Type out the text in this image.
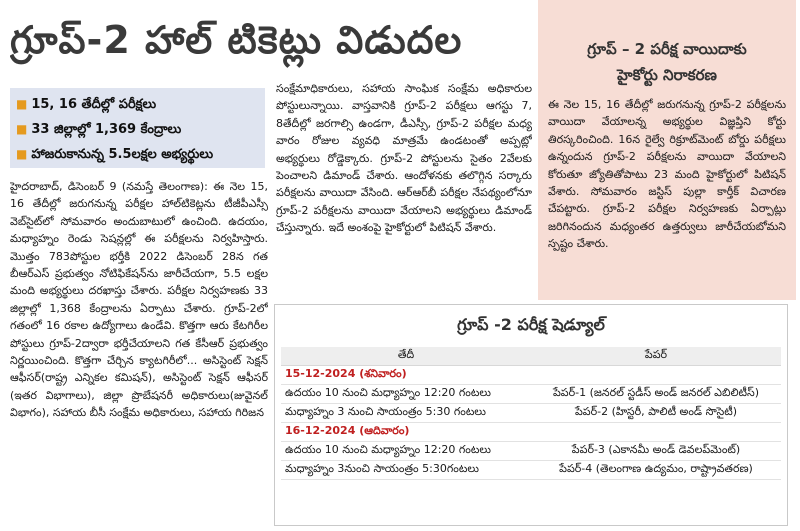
గ్రూప్-2 హాల్‌ టికెట్లు విడుదల
■ 15, 16 తేదీల్లో పరీక్షలు
■ 33 జిల్లాల్లో 1,369 కేంద్రాలు
■ హాజరుకానున్న 5.5లక్షల అభ్యర్థులు
హైదరాబాద్, డిసెంబర్ 9 (నమస్తే తెలంగాణ): ఈ నెల 15, 16 తేదీల్లో జరుగనున్న పరీక్షల హాల్‌టికెట్లను టీజీపీఎస్సీ వెబ్‌సైట్‌లో సోమవారం అందుబాటులో ఉంచింది. ఉదయం, మధ్యాహ్నం రెండు సెషన్లల్లో ఈ పరీక్షలను నిర్వహిస్తారు. మొత్తం 783పోస్టుల భర్తీకి 2022 డిసెంబర్ 28న గత బీఆర్ఎస్ ప్రభుత్వం నోటిఫికేషన్‌ను జారీచేయగా, 5.5 లక్షల మంది అభ్యర్థులు దరఖాస్తు చేశారు. పరీక్షల నిర్వహణకు 33 జిల్లాల్లో 1,368 కేంద్రాలను ఏర్పాటు చేశారు. గ్రూప్-2లో గతంలో 16 రకాల ఉద్యోగాలు ఉండేవి. కొత్తగా ఆరు కేటగిరీల పోస్టులు గ్రూప్-2ద్వారా భర్తీచేయాలని గత కేసీఆర్ ప్రభుత్వం నిర్ణయించింది. కొత్తగా చేర్చిన క్యాటగిరీలో... అసిస్టెంట్ సెక్షన్ ఆఫీసర్(రాష్ట్ర ఎన్నికల కమిషన్), అసిస్టెంట్ సెక్షన్ ఆఫీసర్ (ఇతర విభాగాలు), జిల్లా ప్రొబేషనరీ అధికారులు(జువైనల్ విభాగం), సహాయ బీసీ సంక్షేమ అధికారులు, సహాయ గిరిజన
సంక్షేమాధికారులు, సహాయ సాంఘిక సంక్షేమ అధికారుల పోస్టులున్నాయి. వాస్తవానికి గ్రూప్-2 పరీక్షలు ఆగస్టు 7, 8తేదీల్లో జరగాల్సి ఉండగా, డీఎస్సీ, గ్రూప్-2 పరీక్షల మధ్య వారం రోజుల వ్యవధి మాత్రమే ఉండటంతో అప్పట్లో అభ్యర్థులు రోడ్డెక్కారు. గ్రూప్-2 పోస్టులను సైతం 2వేలకు పెంచాలని డిమాండ్ చేశారు. ఆందోళనకు తలొగ్గిన సర్కారు పరీక్షలను వాయిదా వేసింది. ఆర్ఆర్‌బీ పరీక్షల నేపథ్యంలోనూ గ్రూప్-2 పరీక్షలను వాయిదా వేయాలని అభ్యర్థులు డిమాండ్ చేస్తున్నారు. ఇదే అంశంపై హైకోర్టులో పిటిషన్ వేశారు.
గ్రూప్ – 2 పరీక్ష వాయిదాకు
హైకోర్టు నిరాకరణ
ఈ నెల 15, 16 తేదీల్లో జరుగనున్న గ్రూప్-2 పరీక్షలను వాయిదా వేయాలన్న అభ్యర్థుల విజ్ఞప్తిని కోర్టు తిరస్కరించింది. 16న రైల్వే రిక్రూట్‌మెంట్ బోర్డు పరీక్షలు ఉన్నందున గ్రూప్-2 పరీక్షలను వాయిదా వేయాలని కోరుతూ జ్యోతితోపాటు 23 మంది హైకోర్టులో పిటిషన్ వేశారు. సోమవారం జస్టిస్ పుల్లా కార్తీక్ విచారణ చేపట్టారు. గ్రూప్-2 పరీక్షల నిర్వహణకు ఏర్పాట్లు జరిగినందున మధ్యంతర ఉత్తర్వులు జారీచేయబోమని స్పష్టం చేశారు.
గ్రూప్ -2 పరీక్ష షెడ్యూల్
తేదీ	పేపర్
15-12-2024 (శనివారం)	
ఉదయం 10 నుంచి మధ్యాహ్నం 12:20 గంటలు	పేపర్-1 (జనరల్ స్టడీస్ అండ్ జనరల్ ఎబిలిటీస్)
మధ్యాహ్నం 3 నుంచి సాయంత్రం 5:30 గంటలు	పేపర్-2 (హిస్టరీ, పాలిటీ అండ్ సొసైటీ)
16-12-2024 (ఆదివారం)	
ఉదయం 10 నుంచి మధ్యాహ్నం 12:20 గంటలు	పేపర్-3 (ఎకానమీ అండ్ డెవలప్‌మెంట్)
మధ్యాహ్నం 3నుంచి సాయంత్రం 5:30గంటలు	పేపర్-4 (తెలంగాణ ఉద్యమం, రాష్ట్రావతరణ)
